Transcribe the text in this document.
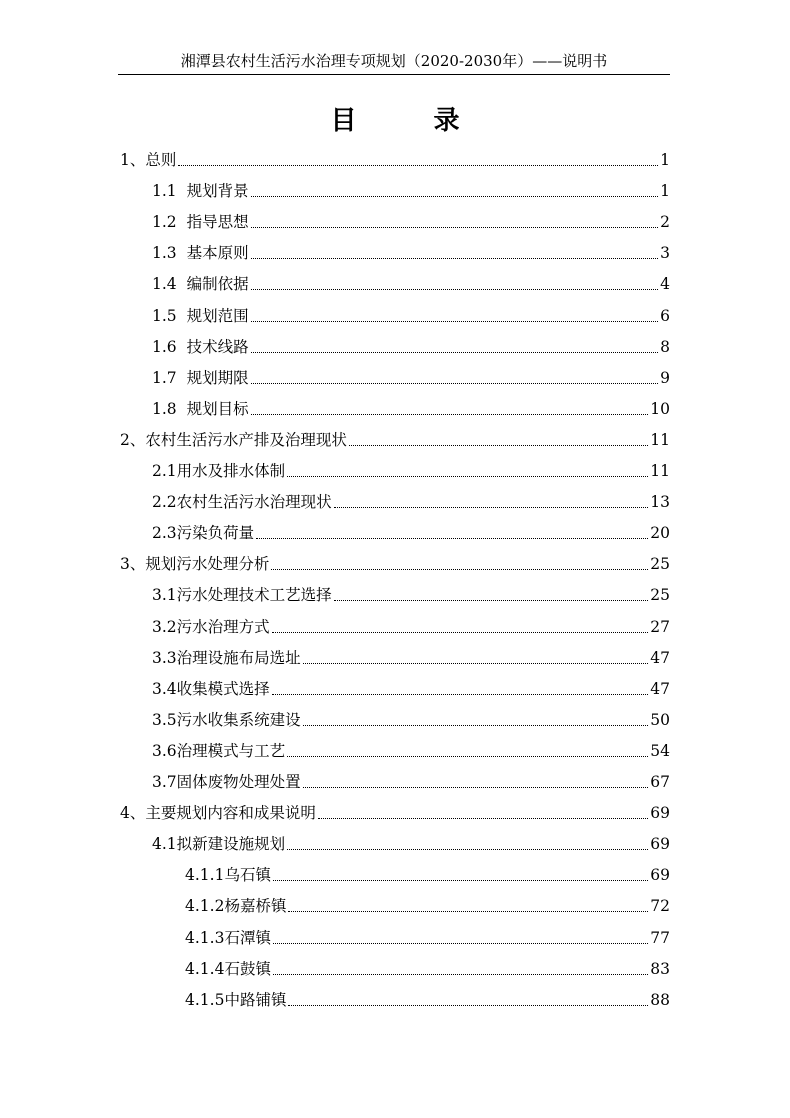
湘潭县农村生活污水治理专项规划（2020-2030年）——说明书
目 录
1、 总则	1
1.1 规划背景	1
1.2 指导思想	2
1.3 基本原则	3
1.4 编制依据	4
1.5 规划范围	6
1.6 技术线路	8
1.7 规划期限	9
1.8 规划目标	10
2、 农村生活污水产排及治理现状	11
2.1 用水及排水体制	11
2.2 农村生活污水治理现状	13
2.3 污染负荷量	20
3、 规划污水处理分析	25
3.1 污水处理技术工艺选择	25
3.2 污水治理方式	27
3.3 治理设施布局选址	47
3.4 收集模式选择	47
3.5 污水收集系统建设	50
3.6 治理模式与工艺	54
3.7 固体废物处理处置	67
4、 主要规划内容和成果说明	69
4.1 拟新建设施规划	69
4.1.1 乌石镇	69
4.1.2 杨嘉桥镇	72
4.1.3 石潭镇	77
4.1.4 石鼓镇	83
4.1.5 中路铺镇	88
